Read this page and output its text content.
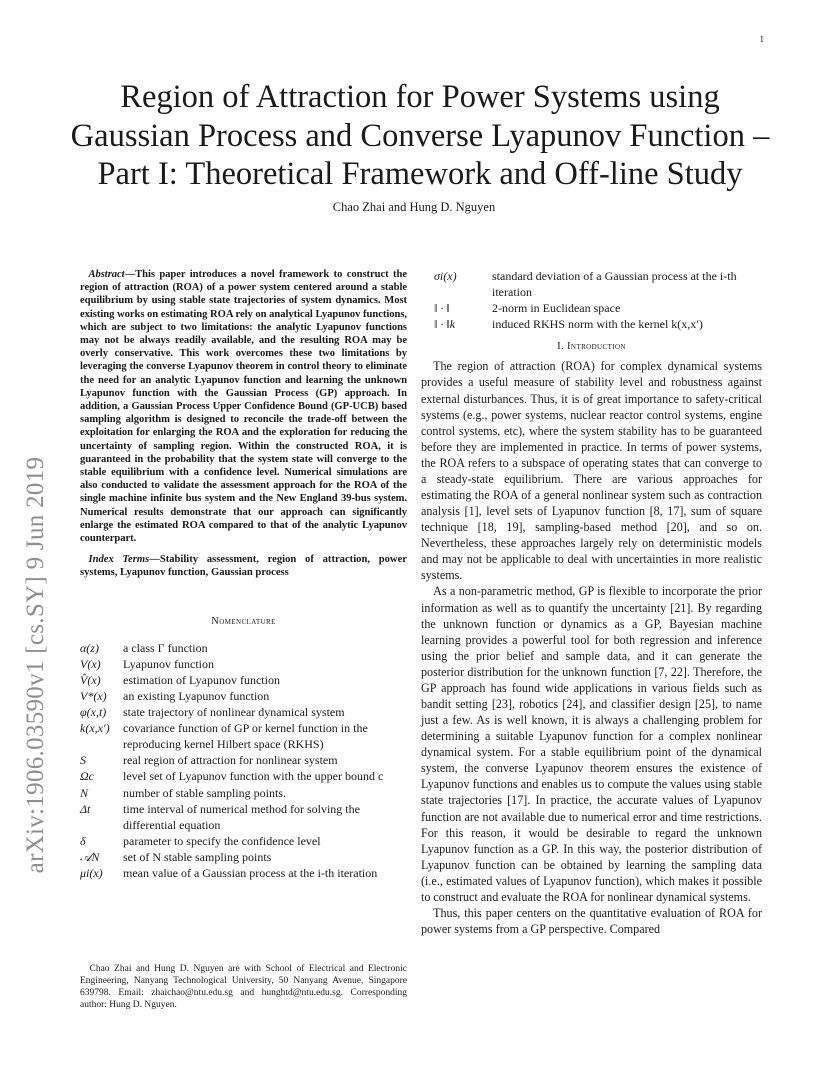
1
arXiv:1906.03590v1 [cs.SY] 9 Jun 2019
Region of Attraction for Power Systems using Gaussian Process and Converse Lyapunov Function – Part I: Theoretical Framework and Off-line Study
Chao Zhai and Hung D. Nguyen

Abstract—This paper introduces a novel framework to construct the region of attraction (ROA) of a power system centered around a stable equilibrium by using stable state trajectories of system dynamics. Most existing works on estimating ROA rely on analytical Lyapunov functions, which are subject to two limitations: the analytic Lyapunov functions may not be always readily available, and the resulting ROA may be overly conservative. This work overcomes these two limitations by leveraging the converse Lyapunov theorem in control theory to eliminate the need for an analytic Lyapunov function and learning the unknown Lyapunov function with the Gaussian Process (GP) approach. In addition, a Gaussian Process Upper Confidence Bound (GP-UCB) based sampling algorithm is designed to reconcile the trade-off between the exploitation for enlarging the ROA and the exploration for reducing the uncertainty of sampling region. Within the constructed ROA, it is guaranteed in the probability that the system state will converge to the stable equilibrium with a confidence level. Numerical simulations are also conducted to validate the assessment approach for the ROA of the single machine infinite bus system and the New England 39-bus system. Numerical results demonstrate that our approach can significantly enlarge the estimated ROA compared to that of the analytic Lyapunov counterpart.

Index Terms—Stability assessment, region of attraction, power systems, Lyapunov function, Gaussian process

Nomenclature
α(z)	a class Γ function
V(x)	Lyapunov function
V̂(x)	estimation of Lyapunov function
V*(x)	an existing Lyapunov function
φ(x,t)	state trajectory of nonlinear dynamical system
k(x,x′)	covariance function of GP or kernel function in the reproducing kernel Hilbert space (RKHS)
S	real region of attraction for nonlinear system
Ωc	level set of Lyapunov function with the upper bound c
N	number of stable sampling points.
Δt	time interval of numerical method for solving the differential equation
δ	parameter to specify the confidence level
𝒜N	set of N stable sampling points
μi(x)	mean value of a Gaussian process at the i-th iteration
Chao Zhai and Hung D. Nguyen are with School of Electrical and Electronic Engineering, Nanyang Technological University, 50 Nanyang Avenue, Singapore 639798. Email: zhaichao@ntu.edu.sg and hunghtd@ntu.edu.sg. Corresponding author: Hung D. Nguyen.
σi(x)	standard deviation of a Gaussian process at the i-th iteration
‖ · ‖	2-norm in Euclidean space
‖ · ‖k	induced RKHS norm with the kernel k(x,x′)
I. Introduction

The region of attraction (ROA) for complex dynamical systems provides a useful measure of stability level and robustness against external disturbances. Thus, it is of great importance to safety-critical systems (e.g., power systems, nuclear reactor control systems, engine control systems, etc), where the system stability has to be guaranteed before they are implemented in practice. In terms of power systems, the ROA refers to a subspace of operating states that can converge to a steady-state equilibrium. There are various approaches for estimating the ROA of a general nonlinear system such as contraction analysis [1], level sets of Lyapunov function [8, 17], sum of square technique [18, 19], sampling-based method [20], and so on. Nevertheless, these approaches largely rely on deterministic models and may not be applicable to deal with uncertainties in more realistic systems.

As a non-parametric method, GP is flexible to incorporate the prior information as well as to quantify the uncertainty [21]. By regarding the unknown function or dynamics as a GP, Bayesian machine learning provides a powerful tool for both regression and inference using the prior belief and sample data, and it can generate the posterior distribution for the unknown function [7, 22]. Therefore, the GP approach has found wide applications in various fields such as bandit setting [23], robotics [24], and classifier design [25], to name just a few. As is well known, it is always a challenging problem for determining a suitable Lyapunov function for a complex nonlinear dynamical system. For a stable equilibrium point of the dynamical system, the converse Lyapunov theorem ensures the existence of Lyapunov functions and enables us to compute the values using stable state trajectories [17]. In practice, the accurate values of Lyapunov function are not available due to numerical error and time restrictions. For this reason, it would be desirable to regard the unknown Lyapunov function as a GP. In this way, the posterior distribution of Lyapunov function can be obtained by learning the sampling data (i.e., estimated values of Lyapunov function), which makes it possible to construct and evaluate the ROA for nonlinear dynamical systems.

Thus, this paper centers on the quantitative evaluation of ROA for power systems from a GP perspective. Compared
